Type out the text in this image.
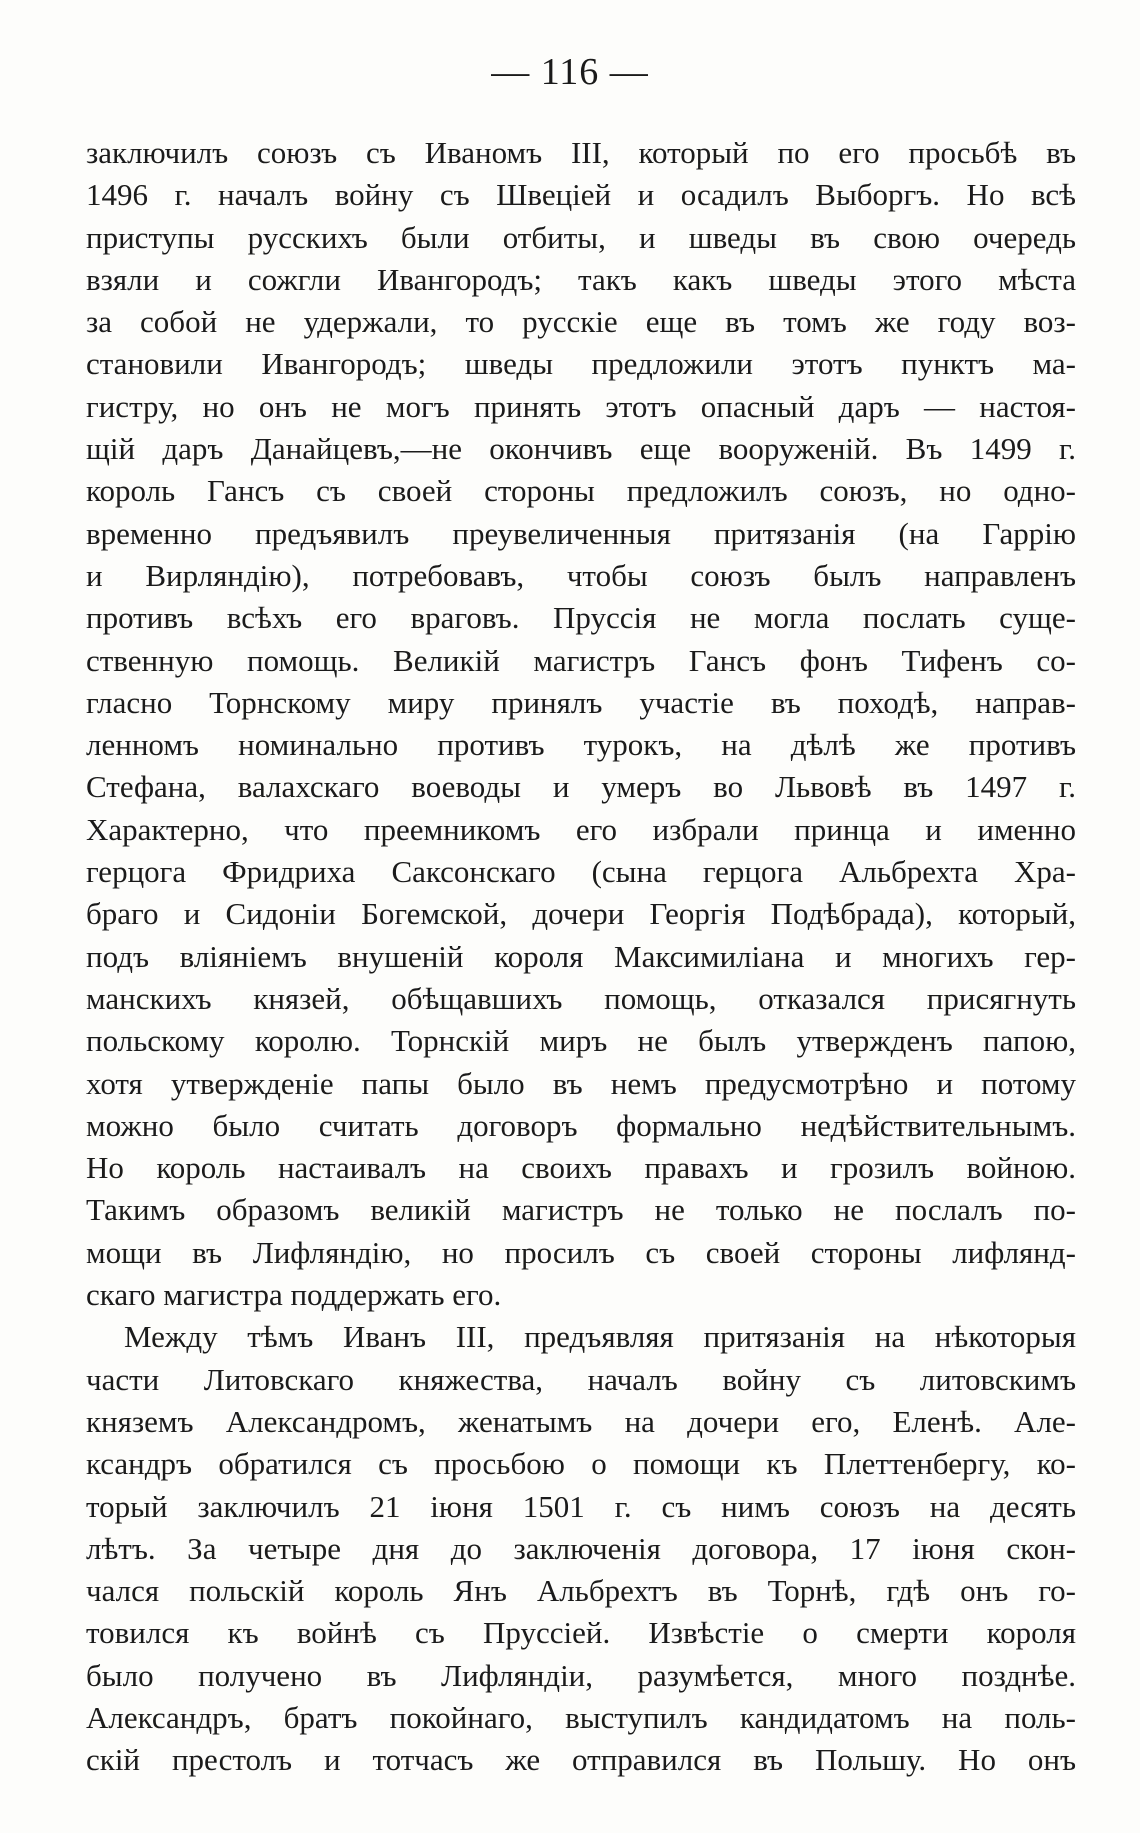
— 116 —
заключилъ союзъ съ Иваномъ III, который по его просьбѣ въ
1496 г. началъ войну съ Швеціей и осадилъ Выборгъ. Но всѣ
приступы русскихъ были отбиты, и шведы въ свою очередь
взяли и сожгли Ивангородъ; такъ какъ шведы этого мѣста
за собой не удержали, то русскіе еще въ томъ же году воз-
становили Ивангородъ; шведы предложили этотъ пунктъ ма-
гистру, но онъ не могъ принять этотъ опасный даръ — настоя-
щій даръ Данайцевъ,—не окончивъ еще вооруженій. Въ 1499 г.
король Гансъ съ своей стороны предложилъ союзъ, но одно-
временно предъявилъ преувеличенныя притязанія (на Гаррію
и Вирляндію), потребовавъ, чтобы союзъ былъ направленъ
противъ всѣхъ его враговъ. Пруссія не могла послать суще-
ственную помощь. Великій магистръ Гансъ фонъ Тифенъ со-
гласно Торнскому миру принялъ участіе въ походѣ, направ-
ленномъ номинально противъ турокъ, на дѣлѣ же противъ
Стефана, валахскаго воеводы и умеръ во Львовѣ въ 1497 г.
Характерно, что преемникомъ его избрали принца и именно
герцога Фридриха Саксонскаго (сына герцога Альбрехта Хра-
браго и Сидоніи Богемской, дочери Георгія Подѣбрада), который,
подъ вліяніемъ внушеній короля Максимиліана и многихъ гер-
манскихъ князей, обѣщавшихъ помощь, отказался присягнуть
польскому королю. Торнскій миръ не былъ утвержденъ папою,
хотя утвержденіе папы было въ немъ предусмотрѣно и потому
можно было считать договоръ формально недѣйствительнымъ.
Но король настаивалъ на своихъ правахъ и грозилъ войною.
Такимъ образомъ великій магистръ не только не послалъ по-
мощи въ Лифляндію, но просилъ съ своей стороны лифлянд-
скаго магистра поддержать его.
Между тѣмъ Иванъ III, предъявляя притязанія на нѣкоторыя
части Литовскаго княжества, началъ войну съ литовскимъ
княземъ Александромъ, женатымъ на дочери его, Еленѣ. Але-
ксандръ обратился съ просьбою о помощи къ Плеттенбергу, ко-
торый заключилъ 21 іюня 1501 г. съ нимъ союзъ на десять
лѣтъ. За четыре дня до заключенія договора, 17 іюня скон-
чался польскій король Янъ Альбрехтъ въ Торнѣ, гдѣ онъ го-
товился къ войнѣ съ Пруссіей. Извѣстіе о смерти короля
было получено въ Лифляндіи, разумѣется, много позднѣе.
Александръ, братъ покойнаго, выступилъ кандидатомъ на поль-
скій престолъ и тотчасъ же отправился въ Польшу. Но онъ
